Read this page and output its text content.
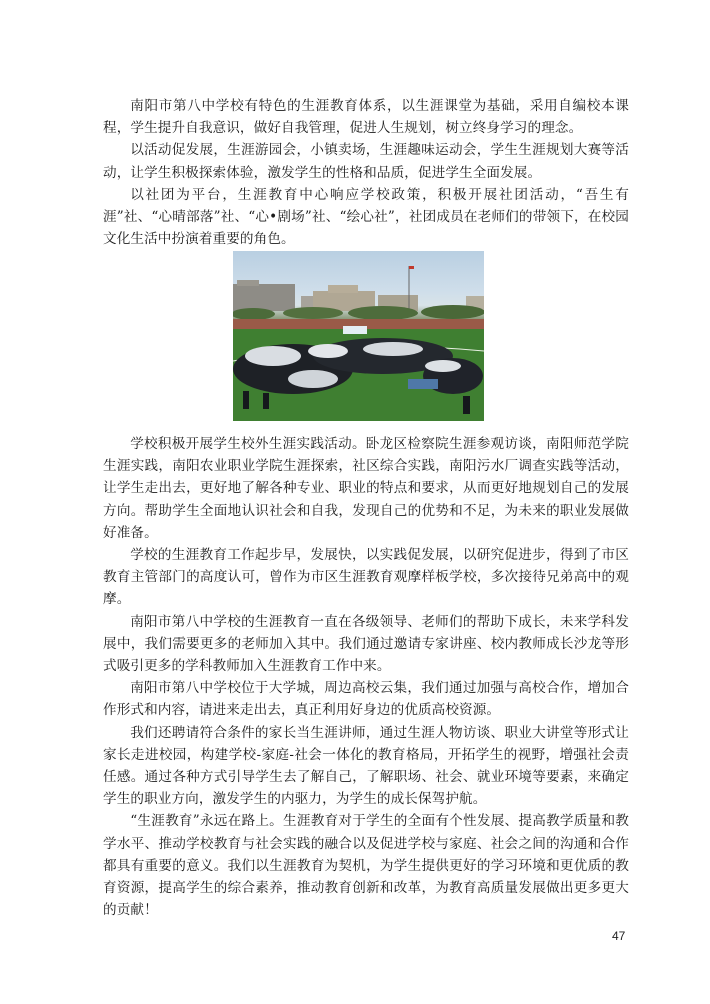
南阳市第八中学校有特色的生涯教育体系，以生涯课堂为基础，采用自编校本课程，学生提升自我意识，做好自我管理，促进人生规划，树立终身学习的理念。

以活动促发展，生涯游园会，小镇卖场，生涯趣味运动会，学生生涯规划大赛等活动，让学生积极探索体验，激发学生的性格和品质，促进学生全面发展。

以社团为平台，生涯教育中心响应学校政策，积极开展社团活动，“吾生有涯”社、“心晴部落”社、“心•剧场”社、“绘心社”，社团成员在老师们的带领下，在校园文化生活中扮演着重要的角色。

学校积极开展学生校外生涯实践活动。卧龙区检察院生涯参观访谈，南阳师范学院生涯实践，南阳农业职业学院生涯探索，社区综合实践，南阳污水厂调查实践等活动，让学生走出去，更好地了解各种专业、职业的特点和要求，从而更好地规划自己的发展方向。帮助学生全面地认识社会和自我，发现自己的优势和不足，为未来的职业发展做好准备。

学校的生涯教育工作起步早，发展快，以实践促发展，以研究促进步，得到了市区教育主管部门的高度认可，曾作为市区生涯教育观摩样板学校，多次接待兄弟高中的观摩。

南阳市第八中学校的生涯教育一直在各级领导、老师们的帮助下成长，未来学科发展中，我们需要更多的老师加入其中。我们通过邀请专家讲座、校内教师成长沙龙等形式吸引更多的学科教师加入生涯教育工作中来。

南阳市第八中学校位于大学城，周边高校云集，我们通过加强与高校合作，增加合作形式和内容，请进来走出去，真正利用好身边的优质高校资源。

我们还聘请符合条件的家长当生涯讲师，通过生涯人物访谈、职业大讲堂等形式让家长走进校园，构建学校-家庭-社会一体化的教育格局，开拓学生的视野，增强社会责任感。通过各种方式引导学生去了解自己，了解职场、社会、就业环境等要素，来确定学生的职业方向，激发学生的内驱力，为学生的成长保驾护航。

“生涯教育”永远在路上。生涯教育对于学生的全面有个性发展、提高教学质量和教学水平、推动学校教育与社会实践的融合以及促进学校与家庭、社会之间的沟通和合作都具有重要的意义。我们以生涯教育为契机，为学生提供更好的学习环境和更优质的教育资源，提高学生的综合素养，推动教育创新和改革，为教育高质量发展做出更多更大的贡献！

47
